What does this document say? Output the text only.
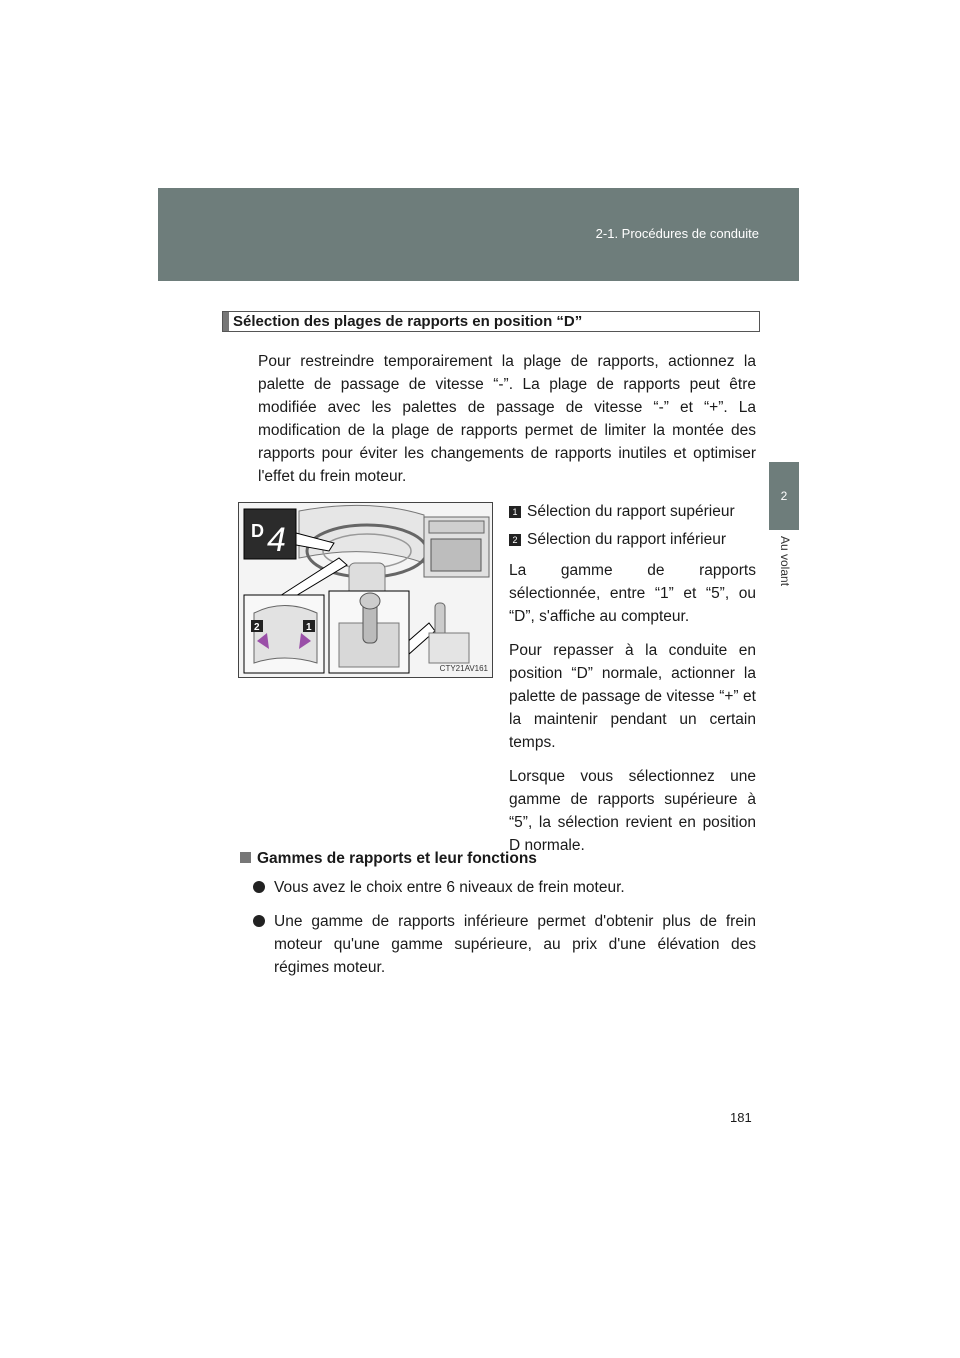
2-1. Procédures de conduite
2
Au volant
Sélection des plages de rapports en position “D”
Pour restreindre temporairement la plage de rapports, actionnez la palette de passage de vitesse “-”. La plage de rapports peut être modifiée avec les palettes de passage de vitesse “-” et “+”. La modification de la plage de rapports permet de limiter la montée des rapports pour éviter les changements de rapports inutiles et optimiser l'effet du frein moteur.
D 4
2	1
CTY21AV161
1 Sélection du rapport supérieur
2 Sélection du rapport inférieur

La gamme de rapports sélectionnée, entre “1” et “5”, ou “D”, s'affiche au compteur.

Pour repasser à la conduite en position “D” normale, actionner la palette de passage de vitesse “+” et la maintenir pendant un certain temps.

Lorsque vous sélectionnez une gamme de rapports supérieure à “5”, la sélection revient en position D normale.

Gammes de rapports et leur fonctions
Vous avez le choix entre 6 niveaux de frein moteur.
Une gamme de rapports inférieure permet d'obtenir plus de frein moteur qu'une gamme supérieure, au prix d'une élévation des régimes moteur.
181
